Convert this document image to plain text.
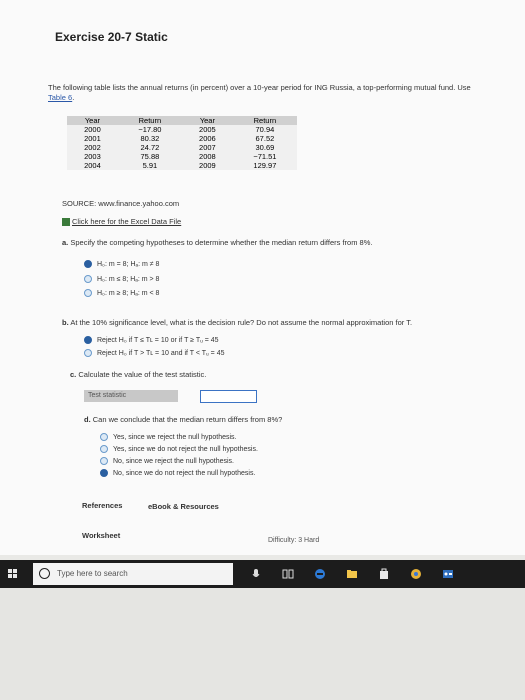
Exercise 20-7 Static
The following table lists the annual returns (in percent) over a 10-year period for ING Russia, a top-performing mutual fund. Use Table 6.
Year	Return	Year	Return
2000	−17.80	2005	70.94
2001	80.32	2006	67.52
2002	24.72	2007	30.69
2003	75.88	2008	−71.51
2004	5.91	2009	129.97
SOURCE: www.finance.yahoo.com
Click here for the Excel Data File
a. Specify the competing hypotheses to determine whether the median return differs from 8%.
H₀: m = 8; Hₐ: m ≠ 8
H₀: m ≤ 8; Hₐ: m > 8
H₀: m ≥ 8; Hₐ: m < 8
b. At the 10% significance level, what is the decision rule? Do not assume the normal approximation for T.
Reject H₀ if T ≤ Tʟ = 10 or if T ≥ Tᵤ = 45
Reject H₀ if T > Tʟ = 10 and if T < Tᵤ = 45
c. Calculate the value of the test statistic.
Test statistic
d. Can we conclude that the median return differs from 8%?
Yes, since we reject the null hypothesis.
Yes, since we do not reject the null hypothesis.
No, since we reject the null hypothesis.
No, since we do not reject the null hypothesis.
References	eBook & Resources
Worksheet
Difficulty: 3 Hard
Type here to search
